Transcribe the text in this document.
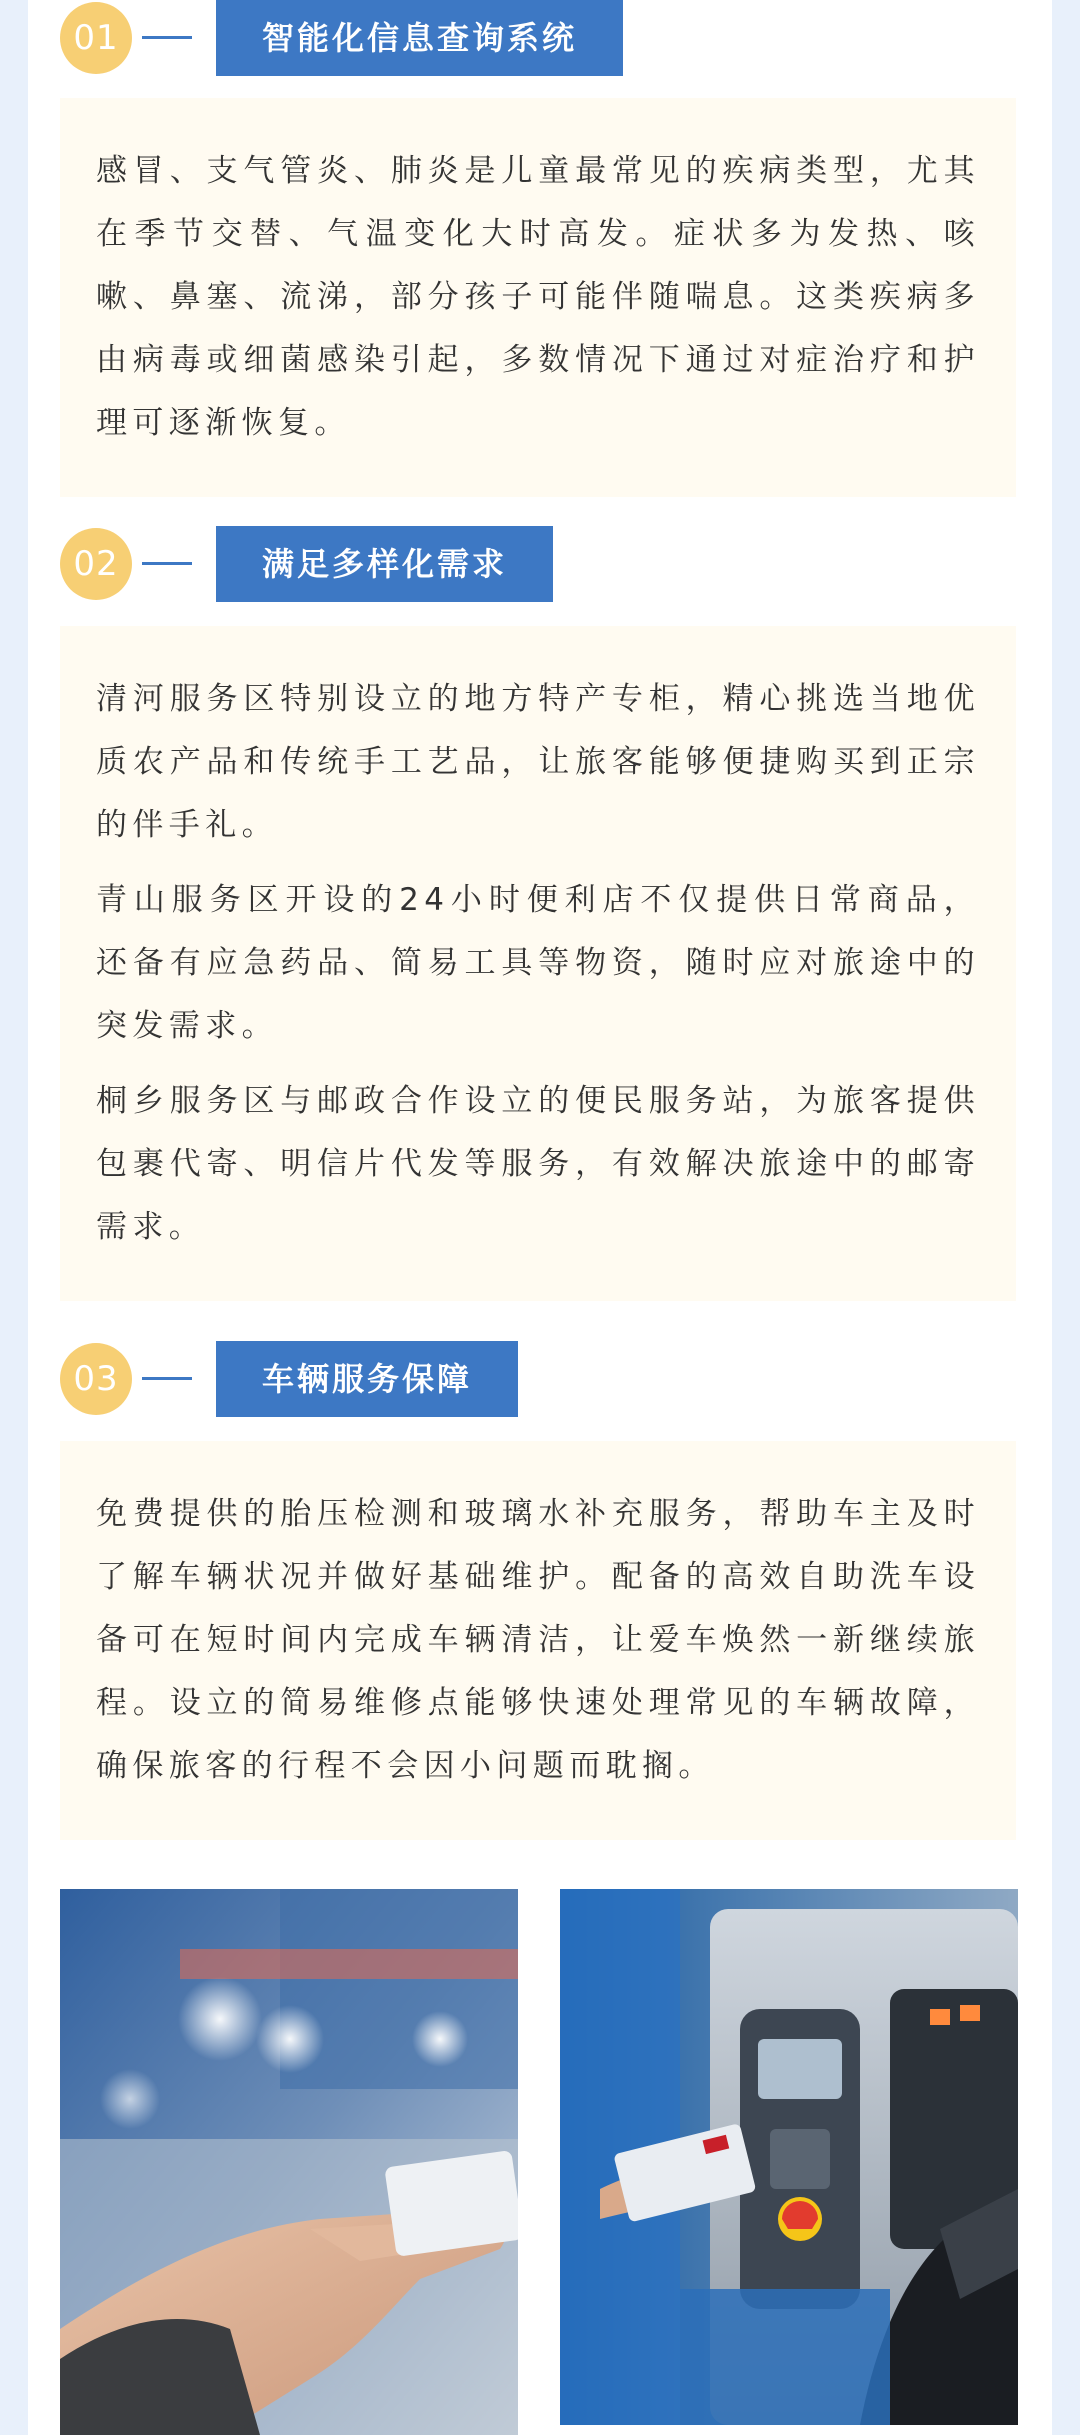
01	智能化信息查询系统

感冒、支气管炎、肺炎是儿童最常见的疾病类型，尤其在季节交替、气温变化大时高发。症状多为发热、咳嗽、鼻塞、流涕，部分孩子可能伴随喘息。这类疾病多由病毒或细菌感染引起，多数情况下通过对症治疗和护理可逐渐恢复。

02	满足多样化需求

清河服务区特别设立的地方特产专柜，精心挑选当地优质农产品和传统手工艺品，让旅客能够便捷购买到正宗的伴手礼。

青山服务区开设的24小时便利店不仅提供日常商品，还备有应急药品、简易工具等物资，随时应对旅途中的突发需求。

桐乡服务区与邮政合作设立的便民服务站，为旅客提供包裹代寄、明信片代发等服务，有效解决旅途中的邮寄需求。

03	车辆服务保障

免费提供的胎压检测和玻璃水补充服务，帮助车主及时了解车辆状况并做好基础维护。配备的高效自助洗车设备可在短时间内完成车辆清洁，让爱车焕然一新继续旅程。设立的简易维修点能够快速处理常见的车辆故障，确保旅客的行程不会因小问题而耽搁。
